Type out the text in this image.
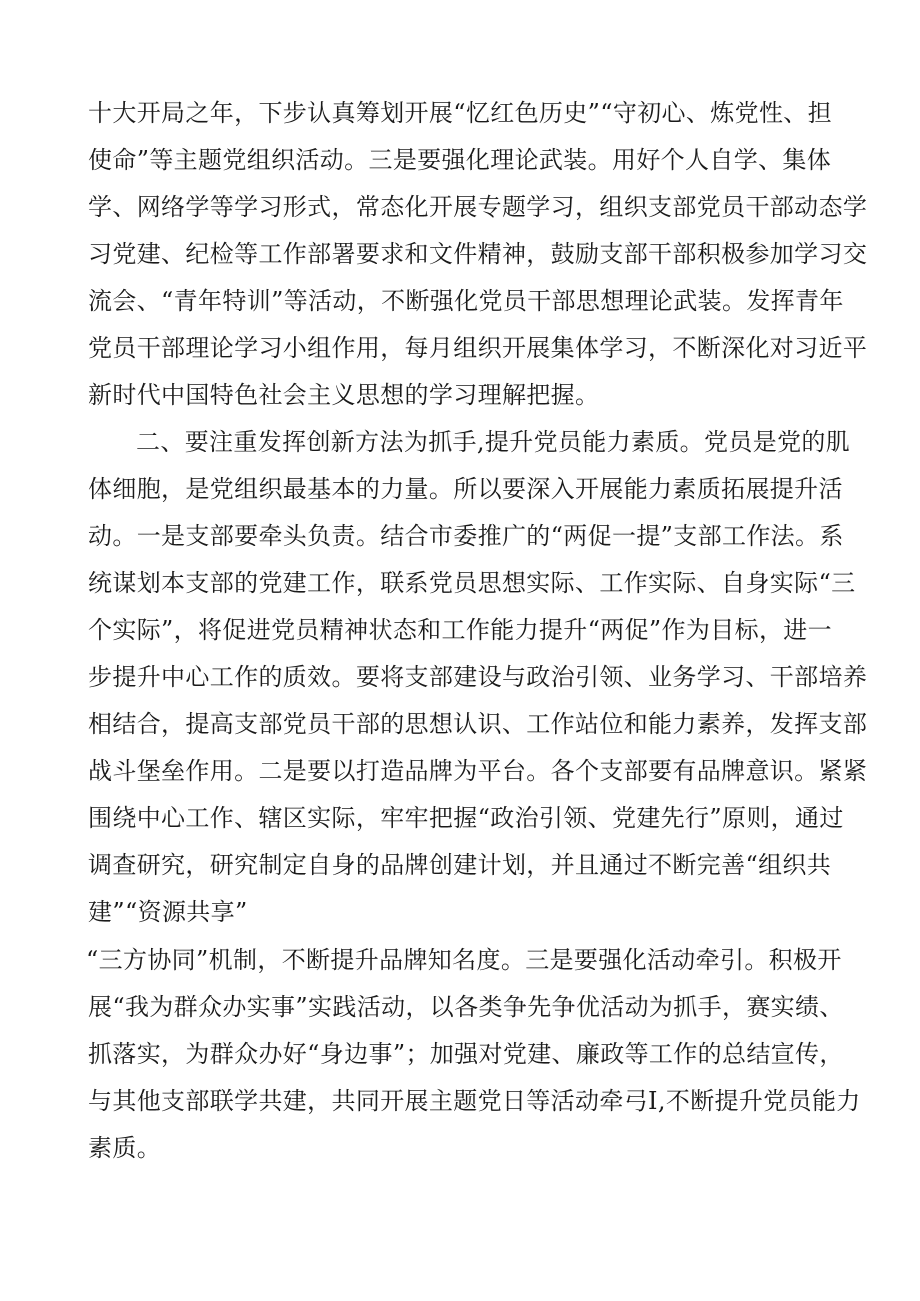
十大开局之年，下步认真筹划开展“忆红色历史”“守初心、炼党性、担
使命”等主题党组织活动。三是要强化理论武装。用好个人自学、集体
学、网络学等学习形式，常态化开展专题学习，组织支部党员干部动态学
习党建、纪检等工作部署要求和文件精神，鼓励支部干部积极参加学习交
流会、“青年特训”等活动，不断强化党员干部思想理论武装。发挥青年
党员干部理论学习小组作用，每月组织开展集体学习，不断深化对习近平
新时代中国特色社会主义思想的学习理解把握。
二、要注重发挥创新方法为抓手,提升党员能力素质。党员是党的肌
体细胞，是党组织最基本的力量。所以要深入开展能力素质拓展提升活
动。一是支部要牵头负责。结合市委推广的“两促一提”支部工作法。系
统谋划本支部的党建工作，联系党员思想实际、工作实际、自身实际“三
个实际”，将促进党员精神状态和工作能力提升“两促”作为目标，进一
步提升中心工作的质效。要将支部建设与政治引领、业务学习、干部培养
相结合，提高支部党员干部的思想认识、工作站位和能力素养，发挥支部
战斗堡垒作用。二是要以打造品牌为平台。各个支部要有品牌意识。紧紧
围绕中心工作、辖区实际，牢牢把握“政治引领、党建先行”原则，通过
调查研究，研究制定自身的品牌创建计划，并且通过不断完善“组织共
建”“资源共享”
“三方协同”机制，不断提升品牌知名度。三是要强化活动牵引。积极开
展“我为群众办实事”实践活动，以各类争先争优活动为抓手，赛实绩、
抓落实，为群众办好“身边事”；加强对党建、廉政等工作的总结宣传，
与其他支部联学共建，共同开展主题党日等活动牵弓I,不断提升党员能力
素质。
